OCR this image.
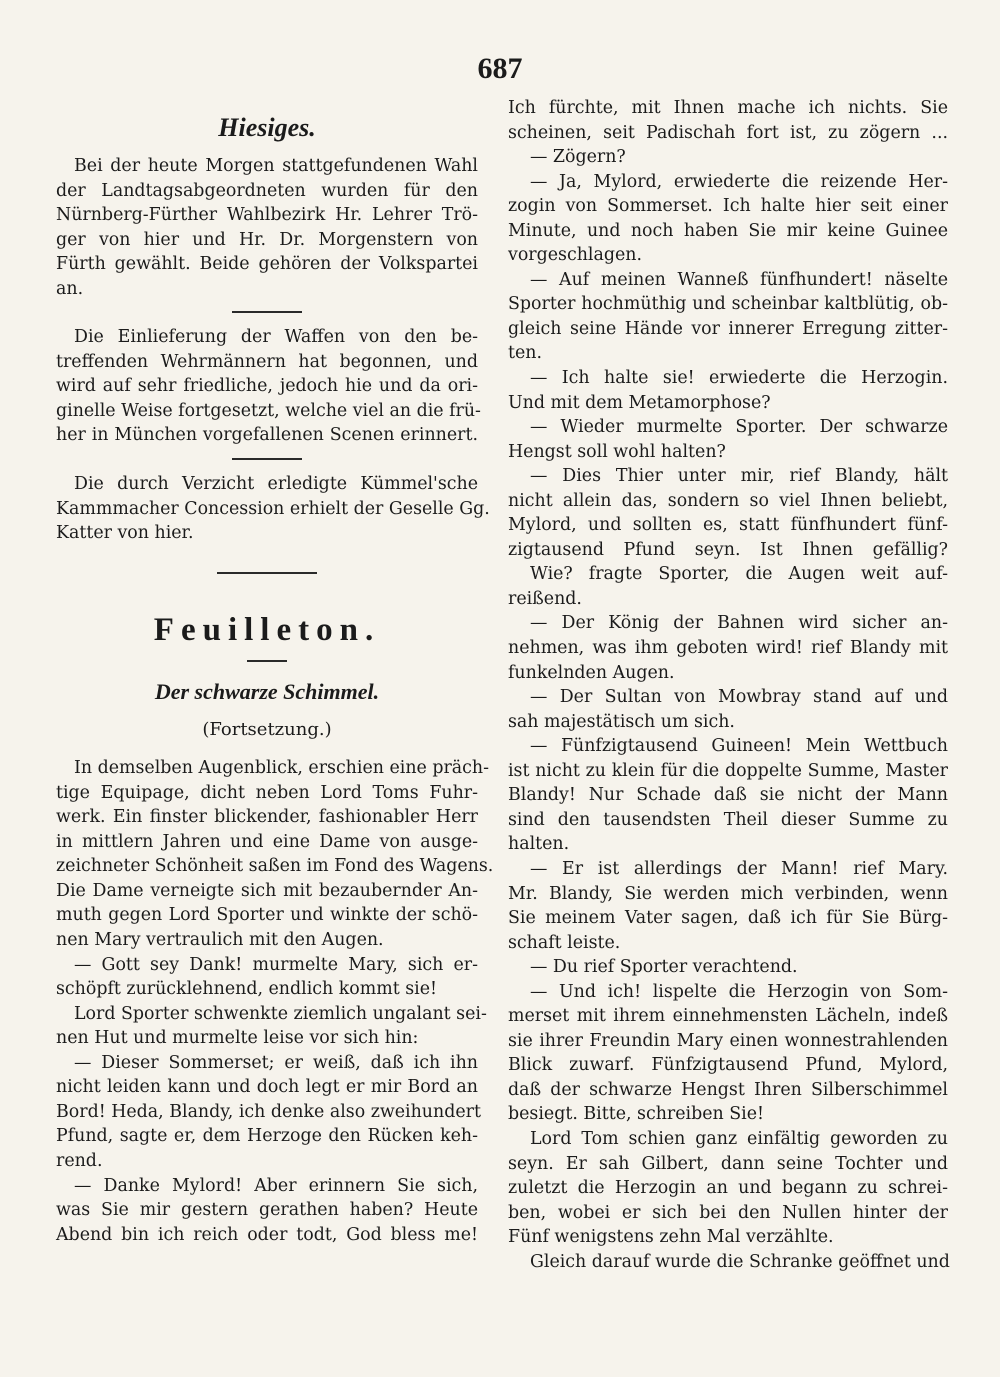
687
Hiesiges.
Bei der heute Morgen stattgefundenen Wahl
der Landtagsabgeordneten wurden für den
Nürnberg-Fürther Wahlbezirk Hr. Lehrer Trö-
ger von hier und Hr. Dr. Morgenstern von
Fürth gewählt. Beide gehören der Volkspartei
an.
Die Einlieferung der Waffen von den be-
treffenden Wehrmännern hat begonnen, und
wird auf sehr friedliche, jedoch hie und da ori-
ginelle Weise fortgesetzt, welche viel an die frü-
her in München vorgefallenen Scenen erinnert.
Die durch Verzicht erledigte Kümmel'sche
Kammmacher Concession erhielt der Geselle Gg.
Katter von hier.
Feuilleton.
Der schwarze Schimmel.
(Fortsetzung.)
In demselben Augenblick, erschien eine präch-
tige Equipage, dicht neben Lord Toms Fuhr-
werk. Ein finster blickender, fashionabler Herr
in mittlern Jahren und eine Dame von ausge-
zeichneter Schönheit saßen im Fond des Wagens.
Die Dame verneigte sich mit bezaubernder An-
muth gegen Lord Sporter und winkte der schö-
nen Mary vertraulich mit den Augen.
— Gott sey Dank! murmelte Mary, sich er-
schöpft zurücklehnend, endlich kommt sie!
Lord Sporter schwenkte ziemlich ungalant sei-
nen Hut und murmelte leise vor sich hin:
— Dieser Sommerset; er weiß, daß ich ihn
nicht leiden kann und doch legt er mir Bord an
Bord! Heda, Blandy, ich denke also zweihundert
Pfund, sagte er, dem Herzoge den Rücken keh-
rend.
— Danke Mylord! Aber erinnern Sie sich,
was Sie mir gestern gerathen haben? Heute
Abend bin ich reich oder todt, God bless me!
Ich fürchte, mit Ihnen mache ich nichts. Sie
scheinen, seit Padischah fort ist, zu zögern ...
— Zögern?
— Ja, Mylord, erwiederte die reizende Her-
zogin von Sommerset. Ich halte hier seit einer
Minute, und noch haben Sie mir keine Guinee
vorgeschlagen.
— Auf meinen Wanneß fünfhundert! näselte
Sporter hochmüthig und scheinbar kaltblütig, ob-
gleich seine Hände vor innerer Erregung zitter-
ten.
— Ich halte sie! erwiederte die Herzogin.
Und mit dem Metamorphose?
— Wieder murmelte Sporter. Der schwarze
Hengst soll wohl halten?
— Dies Thier unter mir, rief Blandy, hält
nicht allein das, sondern so viel Ihnen beliebt,
Mylord, und sollten es, statt fünfhundert fünf-
zigtausend Pfund seyn. Ist Ihnen gefällig?
Wie? fragte Sporter, die Augen weit auf-
reißend.
— Der König der Bahnen wird sicher an-
nehmen, was ihm geboten wird! rief Blandy mit
funkelnden Augen.
— Der Sultan von Mowbray stand auf und
sah majestätisch um sich.
— Fünfzigtausend Guineen! Mein Wettbuch
ist nicht zu klein für die doppelte Summe, Master
Blandy! Nur Schade daß sie nicht der Mann
sind den tausendsten Theil dieser Summe zu
halten.
— Er ist allerdings der Mann! rief Mary.
Mr. Blandy, Sie werden mich verbinden, wenn
Sie meinem Vater sagen, daß ich für Sie Bürg-
schaft leiste.
— Du rief Sporter verachtend.
— Und ich! lispelte die Herzogin von Som-
merset mit ihrem einnehmensten Lächeln, indeß
sie ihrer Freundin Mary einen wonnestrahlenden
Blick zuwarf. Fünfzigtausend Pfund, Mylord,
daß der schwarze Hengst Ihren Silberschimmel
besiegt. Bitte, schreiben Sie!
Lord Tom schien ganz einfältig geworden zu
seyn. Er sah Gilbert, dann seine Tochter und
zuletzt die Herzogin an und begann zu schrei-
ben, wobei er sich bei den Nullen hinter der
Fünf wenigstens zehn Mal verzählte.
Gleich darauf wurde die Schranke geöffnet und
